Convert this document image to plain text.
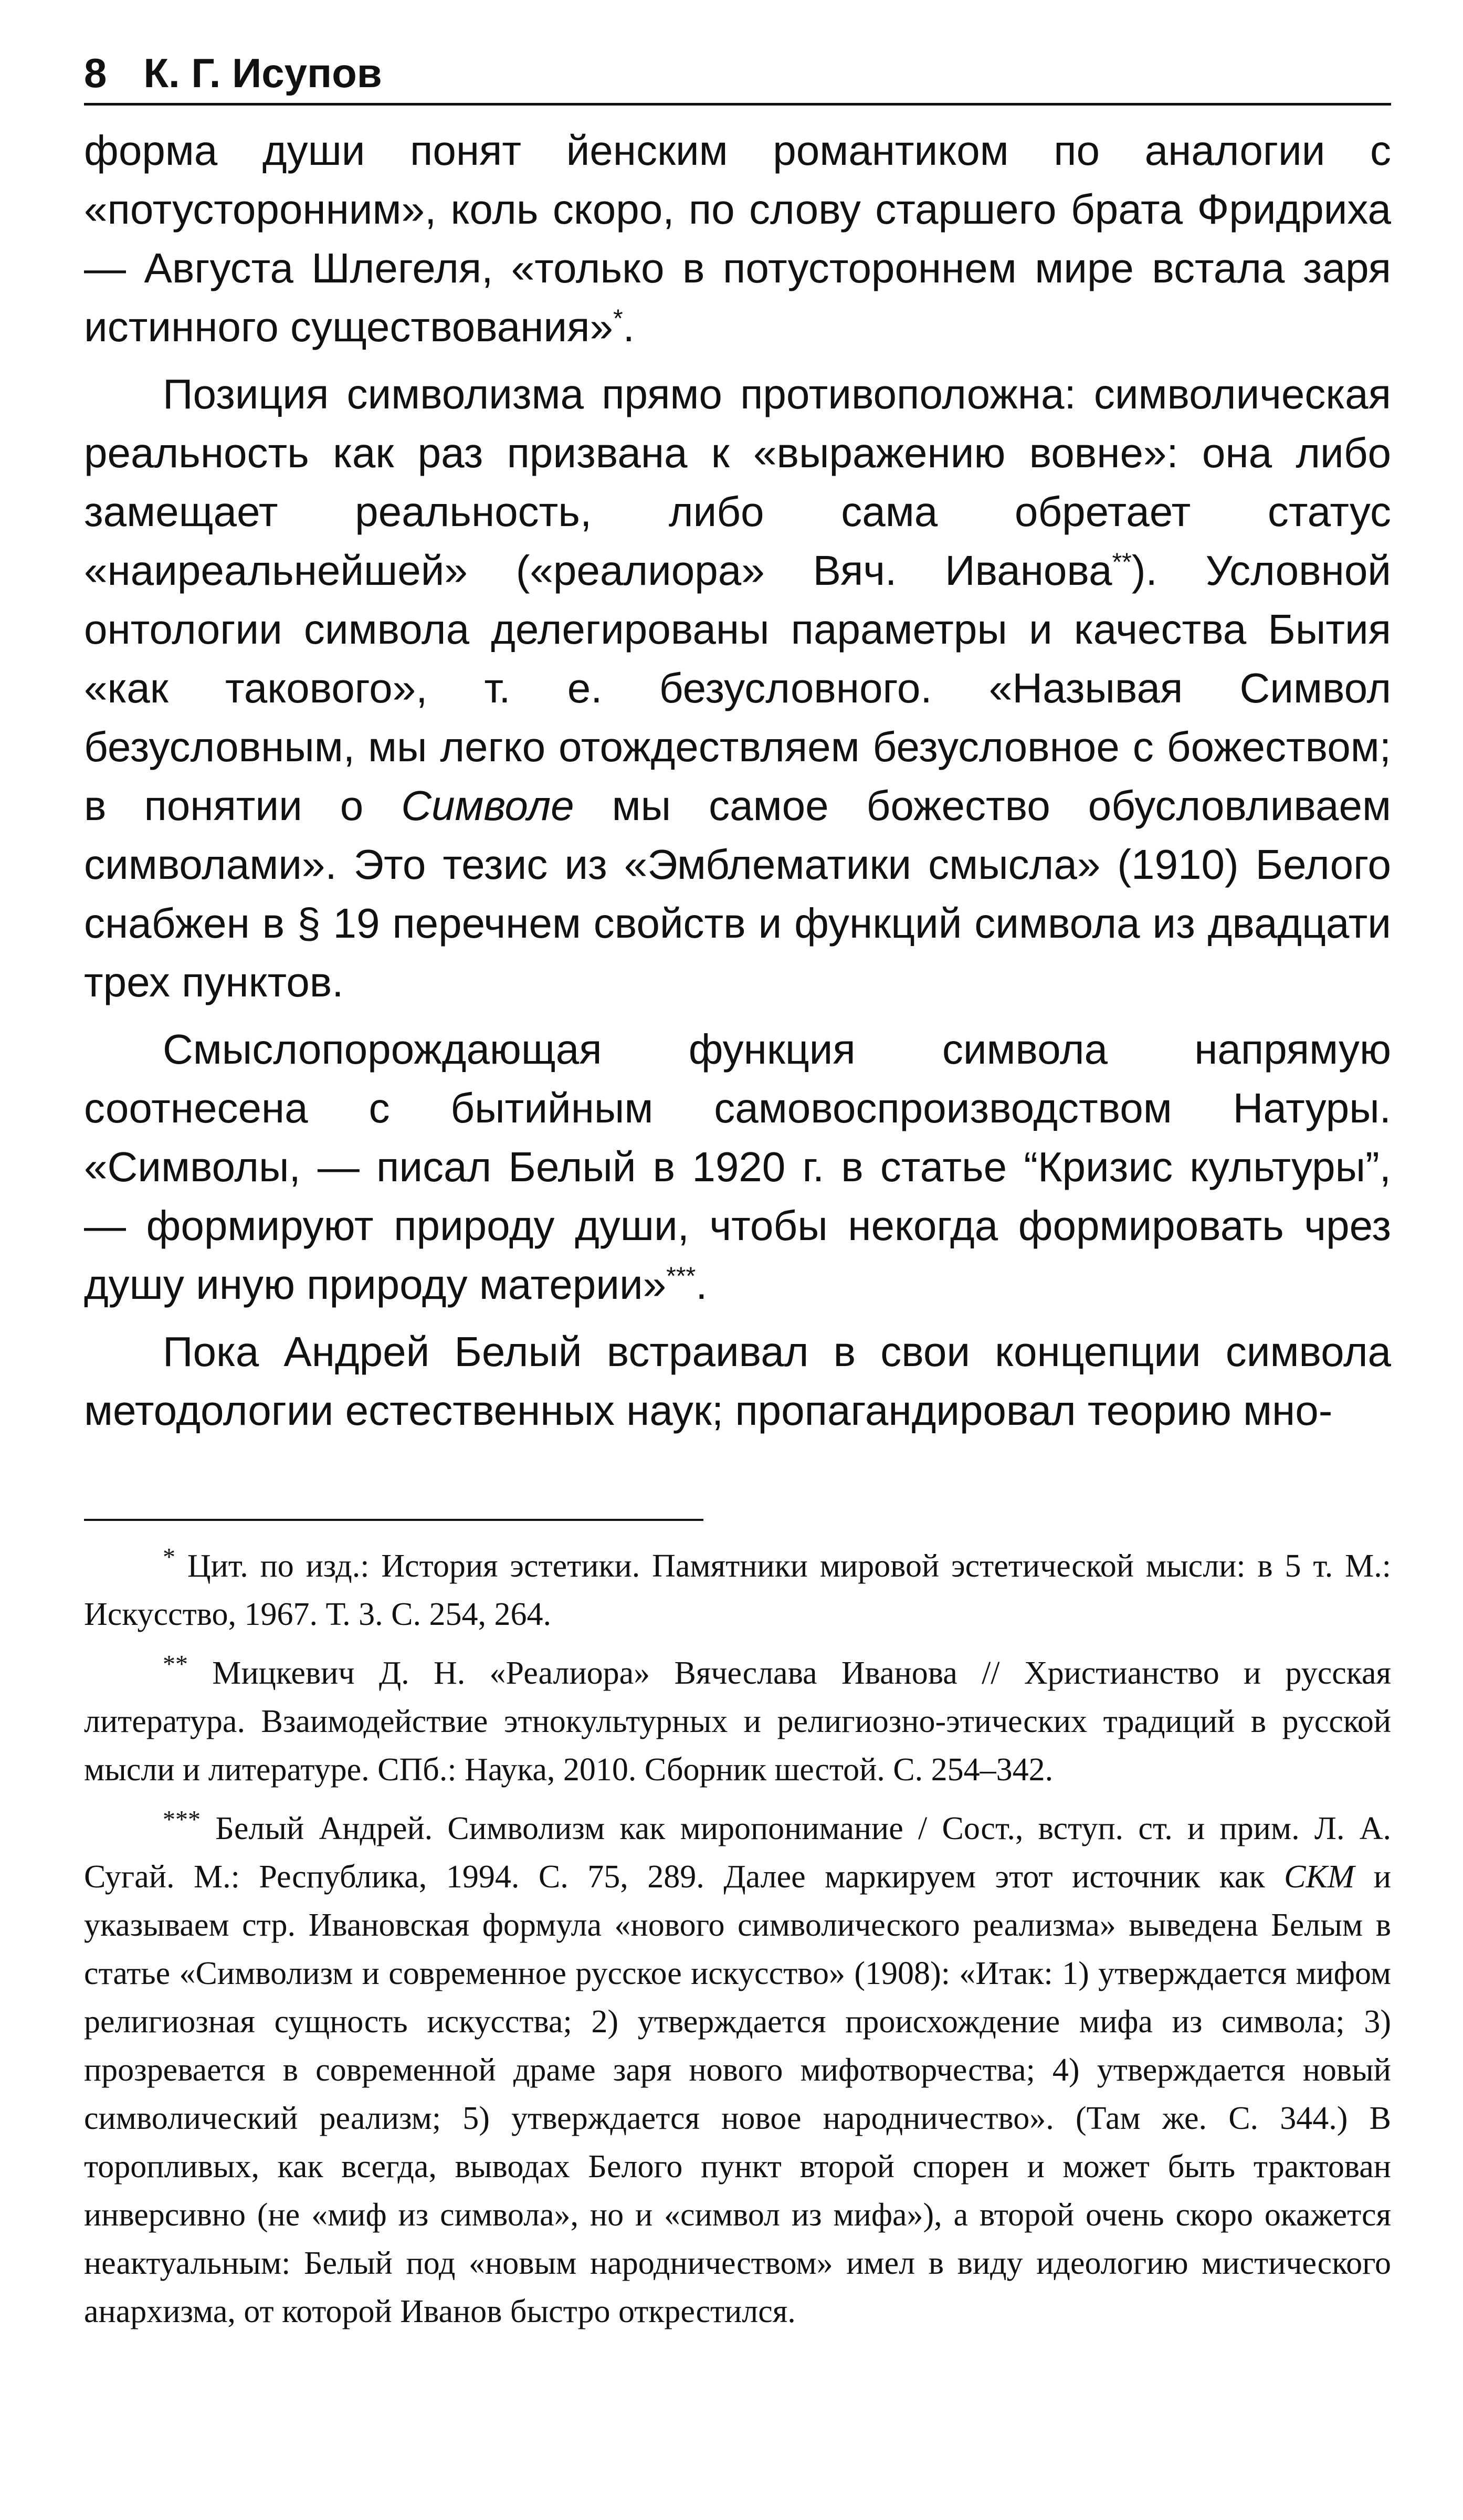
8 К. Г. Исупов

форма души понят йенским романтиком по аналогии с «потусторонним», коль скоро, по слову старшего брата Фридриха — Августа Шлегеля, «только в потустороннем мире встала заря истинного существования»*.

Позиция символизма прямо противоположна: символическая реальность как раз призвана к «выражению вовне»: она либо замещает реальность, либо сама обретает статус «наиреальнейшей» («реалиора» Вяч. Иванова**). Условной онтологии символа делегированы параметры и качества Бытия «как такового», т. е. безусловного. «Называя Символ безусловным, мы легко отождествляем безусловное с божеством; в понятии о Символе мы самое божество обусловливаем символами». Это тезис из «Эмблематики смысла» (1910) Белого снабжен в § 19 перечнем свойств и функций символа из двадцати трех пунктов.

Смыслопорождающая функция символа напрямую соотнесена с бытийным самовоспроизводством Натуры. «Символы, — писал Белый в 1920 г. в статье “Кризис культуры”, — формируют природу души, чтобы некогда формировать чрез душу иную природу материи»***.

Пока Андрей Белый встраивал в свои концепции символа методологии естественных наук; пропагандировал теорию мно-

* Цит. по изд.: История эстетики. Памятники мировой эстетической мысли: в 5 т. М.: Искусство, 1967. Т. 3. С. 254, 264.

** Мицкевич Д. Н. «Реалиора» Вячеслава Иванова // Христианство и русская литература. Взаимодействие этнокультурных и религиозно-этических традиций в русской мысли и литературе. СПб.: Наука, 2010. Сборник шестой. С. 254–342.

*** Белый Андрей. Символизм как миропонимание / Сост., вступ. ст. и прим. Л. А. Сугай. М.: Республика, 1994. С. 75, 289. Далее маркируем этот источник как СКМ и указываем стр. Ивановская формула «нового символического реализма» выведена Белым в статье «Символизм и современное русское искусство» (1908): «Итак: 1) утверждается мифом религиозная сущность искусства; 2) утверждается происхождение мифа из символа; 3) прозревается в современной драме заря нового мифотворчества; 4) утверждается новый символический реализм; 5) утверждается новое народничество». (Там же. С. 344.) В торопливых, как всегда, выводах Белого пункт второй спорен и может быть трактован инверсивно (не «миф из символа», но и «символ из мифа»), а второй очень скоро окажется неактуальным: Белый под «новым народничеством» имел в виду идеологию мистического анархизма, от которой Иванов быстро открестился.
